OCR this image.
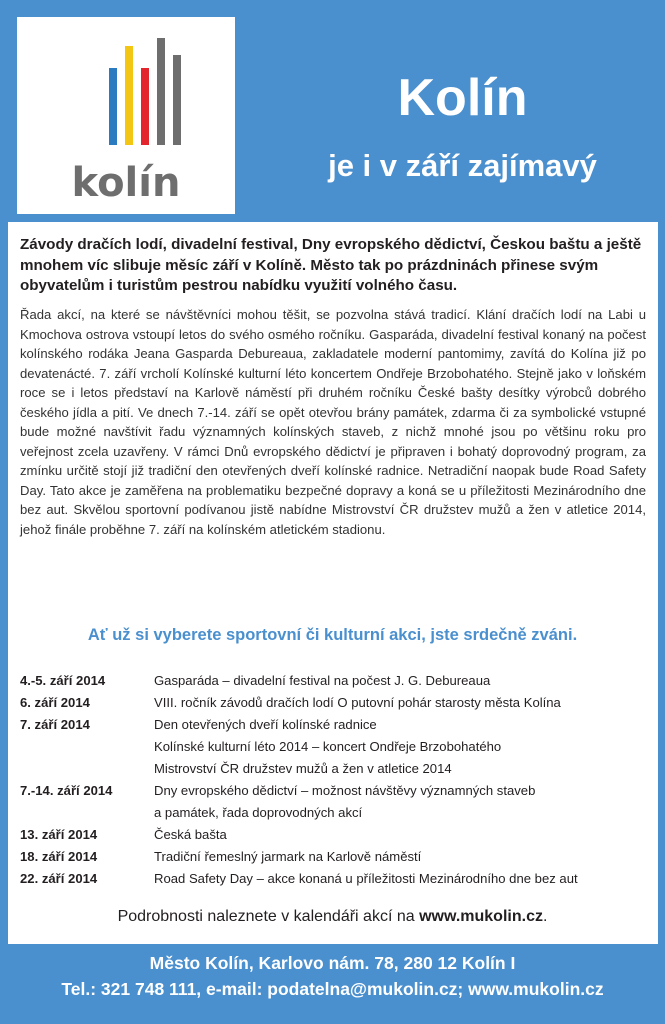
kolín
Kolín
je i v září zajímavý

Závody dračích lodí, divadelní festival, Dny evropského dědictví, Českou baštu a ještě mnohem víc slibuje měsíc září v Kolíně. Město tak po prázdninách přinese svým obyvatelům i turistům pestrou nabídku využití volného času.

Řada akcí, na které se návštěvníci mohou těšit, se pozvolna stává tradicí. Klání dračích lodí na Labi u Kmochova ostrova vstoupí letos do svého osmého ročníku. Gasparáda, divadelní festival konaný na počest kolínského rodáka Jeana Gasparda Debureaua, zakladatele moderní pantomimy, zavítá do Kolína již po devatenácté. 7. září vrcholí Kolínské kulturní léto koncertem Ondřeje Brzobohatého. Stejně jako v loňském roce se i letos představí na Karlově náměstí při druhém ročníku České bašty desítky výrobců dobrého českého jídla a pití. Ve dnech 7.-14. září se opět otevřou brány památek, zdarma či za symbolické vstupné bude možné navštívit řadu významných kolínských staveb, z nichž mnohé jsou po většinu roku pro veřejnost zcela uzavřeny. V rámci Dnů evropského dědictví je připraven i bohatý doprovodný program, za zmínku určitě stojí již tradiční den otevřených dveří kolínské radnice. Netradiční naopak bude Road Safety Day. Tato akce je zaměřena na problematiku bezpečné dopravy a koná se u příležitosti Mezinárodního dne bez aut. Skvělou sportovní podívanou jistě nabídne Mistrovství ČR družstev mužů a žen v atletice 2014, jehož finále proběhne 7. září na kolínském atletickém stadionu.

Ať už si vyberete sportovní či kulturní akci, jste srdečně zváni.
4.-5. září 2014	Gasparáda – divadelní festival na počest J. G. Debureaua
6. září 2014	VIII. ročník závodů dračích lodí O putovní pohár starosty města Kolína
7. září 2014	Den otevřených dveří kolínské radnice
Kolínské kulturní léto 2014 – koncert Ondřeje Brzobohatého
Mistrovství ČR družstev mužů a žen v atletice 2014
7.-14. září 2014	Dny evropského dědictví – možnost návštěvy významných staveb
a památek, řada doprovodných akcí
13. září 2014	Česká bašta
18. září 2014	Tradiční řemeslný jarmark na Karlově náměstí
22. září 2014	Road Safety Day – akce konaná u příležitosti Mezinárodního dne bez aut
Podrobnosti naleznete v kalendáři akcí na www.mukolin.cz.
Město Kolín, Karlovo nám. 78, 280 12 Kolín I
Tel.: 321 748 111, e-mail: podatelna@mukolin.cz; www.mukolin.cz
